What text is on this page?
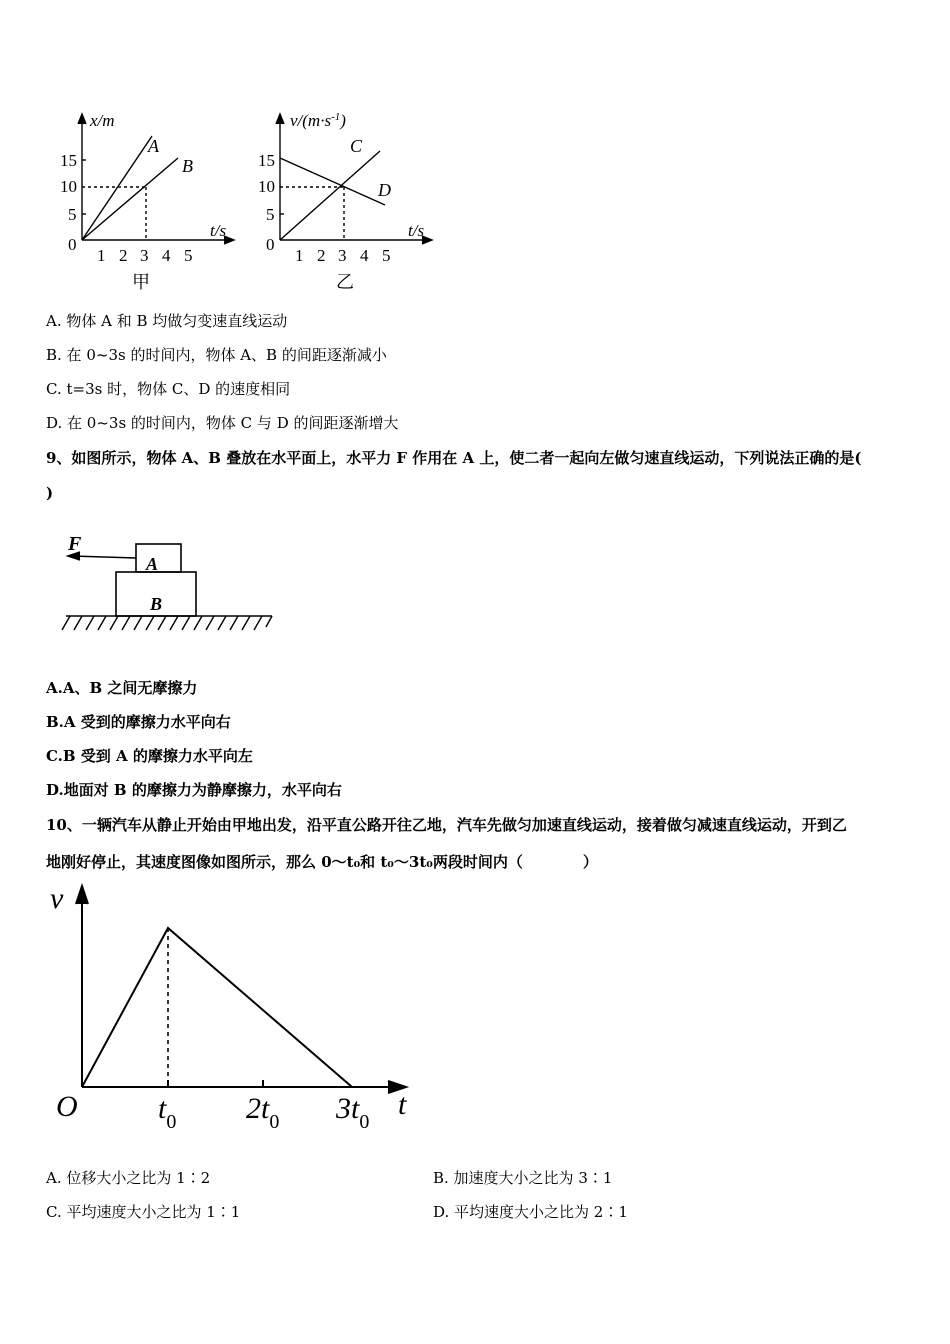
x/m
15
10
5
0
1 2 3 4 5
t/s
A
B
甲
$v/(m\cdot s^{-1})$
15
10
5
0
1 2 3 4 5
t/s
C
D
乙
A. 物体 A 和 B 均做匀变速直线运动
B. 在 0~3s 的时间内，物体 A、B 的间距逐渐减小
C. t=3s 时，物体 C、D 的速度相同
D. 在 0~3s 的时间内，物体 C 与 D 的间距逐渐增大
9、如图所示，物体 A、B 叠放在水平面上，水平力 F 作用在 A 上，使二者一起向左做匀速直线运动，下列说法正确的是(
)
F
A
B
A.A、B 之间无摩擦力
B.A 受到的摩擦力水平向右
C.B 受到 A 的摩擦力水平向左
D.地面对 B 的摩擦力为静摩擦力，水平向右
10、一辆汽车从静止开始由甲地出发，沿平直公路开往乙地，汽车先做匀加速直线运动，接着做匀减速直线运动，开到乙
地刚好停止，其速度图像如图所示，那么 0～t₀和 t₀～3t₀两段时间内（　　　　）
v
t
O	$t_0$ $2t_0$ $3t_0$
A. 位移大小之比为 1∶2	B. 加速度大小之比为 3∶1
C. 平均速度大小之比为 1∶1	D. 平均速度大小之比为 2∶1
